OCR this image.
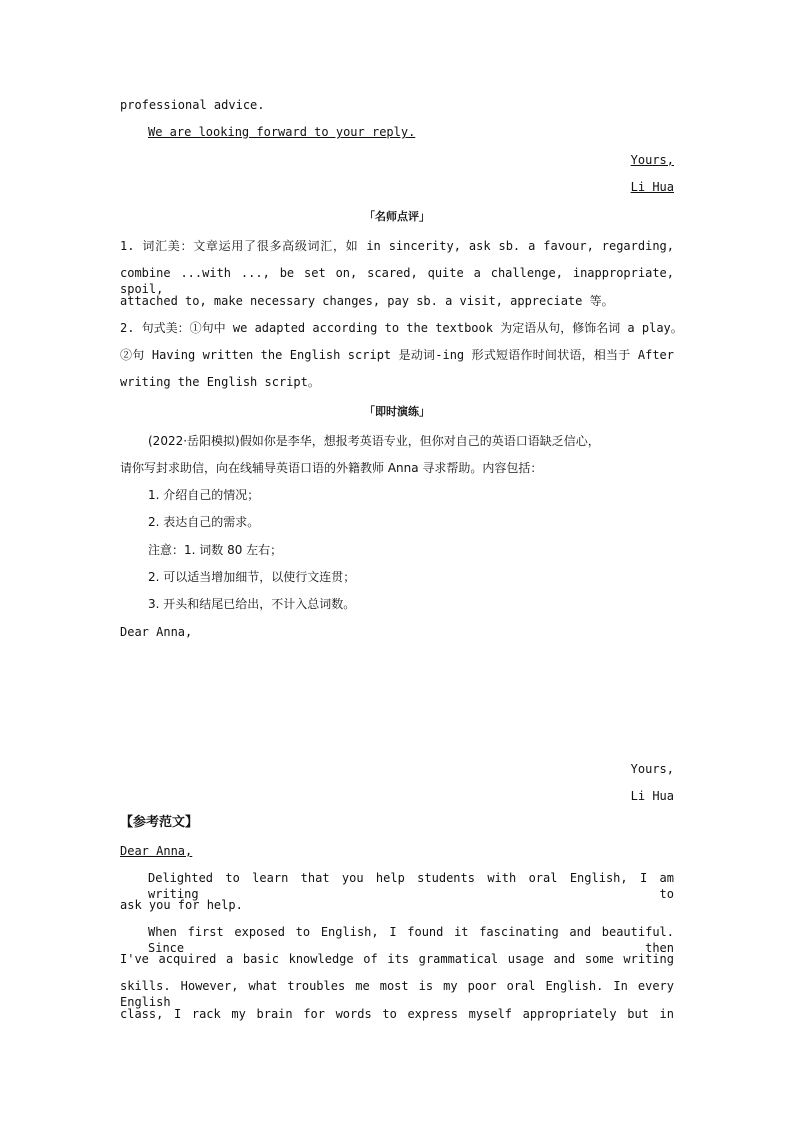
professional advice.
We are looking forward to your reply.
Yours,
Li Hua
「名师点评」
1. 词汇美：文章运用了很多高级词汇，如 in sincerity, ask sb. a favour, regarding,
combine ...with ..., be set on, scared, quite a challenge, inappropriate, spoil,
attached to, make necessary changes, pay sb. a visit, appreciate 等。
2. 句式美：①句中 we adapted according to the textbook 为定语从句，修饰名词 a play。
②句 Having written the English script 是动词-ing 形式短语作时间状语，相当于 After
writing the English script。
「即时演练」
(2022·岳阳模拟)假如你是李华，想报考英语专业，但你对自己的英语口语缺乏信心，
请你写封求助信，向在线辅导英语口语的外籍教师 Anna 寻求帮助。内容包括：
1. 介绍自己的情况；
2. 表达自己的需求。
注意：1. 词数 80 左右；
2. 可以适当增加细节，以使行文连贯；
3. 开头和结尾已给出，不计入总词数。
Dear Anna,
Yours,
Li Hua
【参考范文】
Dear Anna,
Delighted to learn that you help students with oral English, I am writing to
ask you for help.
When first exposed to English, I found it fascinating and beautiful. Since then
I've acquired a basic knowledge of its grammatical usage and some writing
skills. However, what troubles me most is my poor oral English. In every English
class, I rack my brain for words to express myself appropriately but in
